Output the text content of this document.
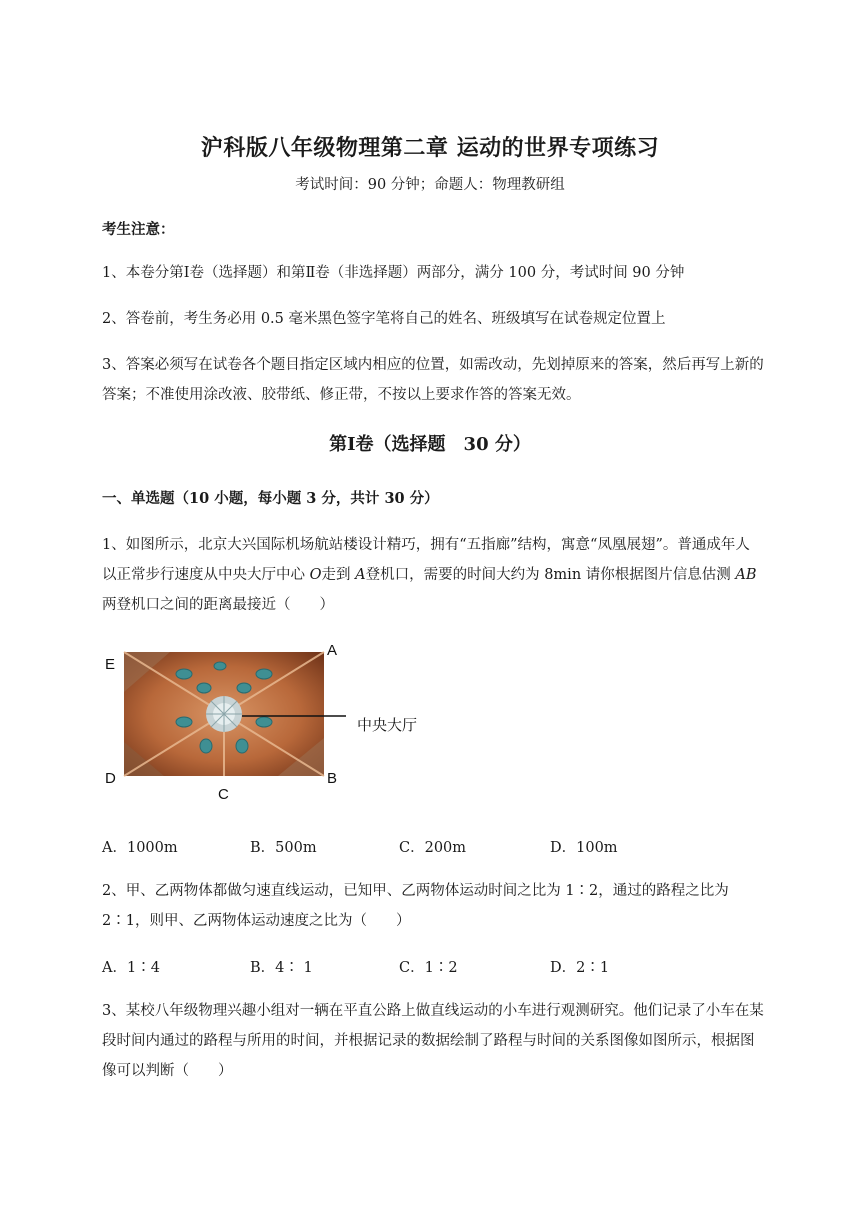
沪科版八年级物理第二章 运动的世界专项练习
考试时间：90 分钟；命题人：物理教研组
考生注意：
1、本卷分第Ⅰ卷（选择题）和第Ⅱ卷（非选择题）两部分，满分 100 分，考试时间 90 分钟
2、答卷前，考生务必用 0.5 毫米黑色签字笔将自己的姓名、班级填写在试卷规定位置上
3、答案必须写在试卷各个题目指定区域内相应的位置，如需改动，先划掉原来的答案，然后再写上新的答案；不准使用涂改液、胶带纸、修正带，不按以上要求作答的答案无效。
第Ⅰ卷（选择题　30 分）
一、单选题（10 小题，每小题 3 分，共计 30 分）
1、如图所示，北京大兴国际机场航站楼设计精巧，拥有“五指廊”结构，寓意“凤凰展翅”。普通成年人以正常步行速度从中央大厅中心 O走到 A登机口，需要的时间大约为 8min 请你根据图片信息估测 AB两登机口之间的距离最接近（　　）
E
A
D	B
C
中央大厅
A．1000m	B．500m	C．200m	D．100m
2、甲、乙两物体都做匀速直线运动，已知甲、乙两物体运动时间之比为 1∶2，通过的路程之比为 2∶1，则甲、乙两物体运动速度之比为（　　）
A．1∶4	B．4∶ 1	C．1∶2	D．2∶1
3、某校八年级物理兴趣小组对一辆在平直公路上做直线运动的小车进行观测研究。他们记录了小车在某段时间内通过的路程与所用的时间，并根据记录的数据绘制了路程与时间的关系图像如图所示，根据图像可以判断（　　）
